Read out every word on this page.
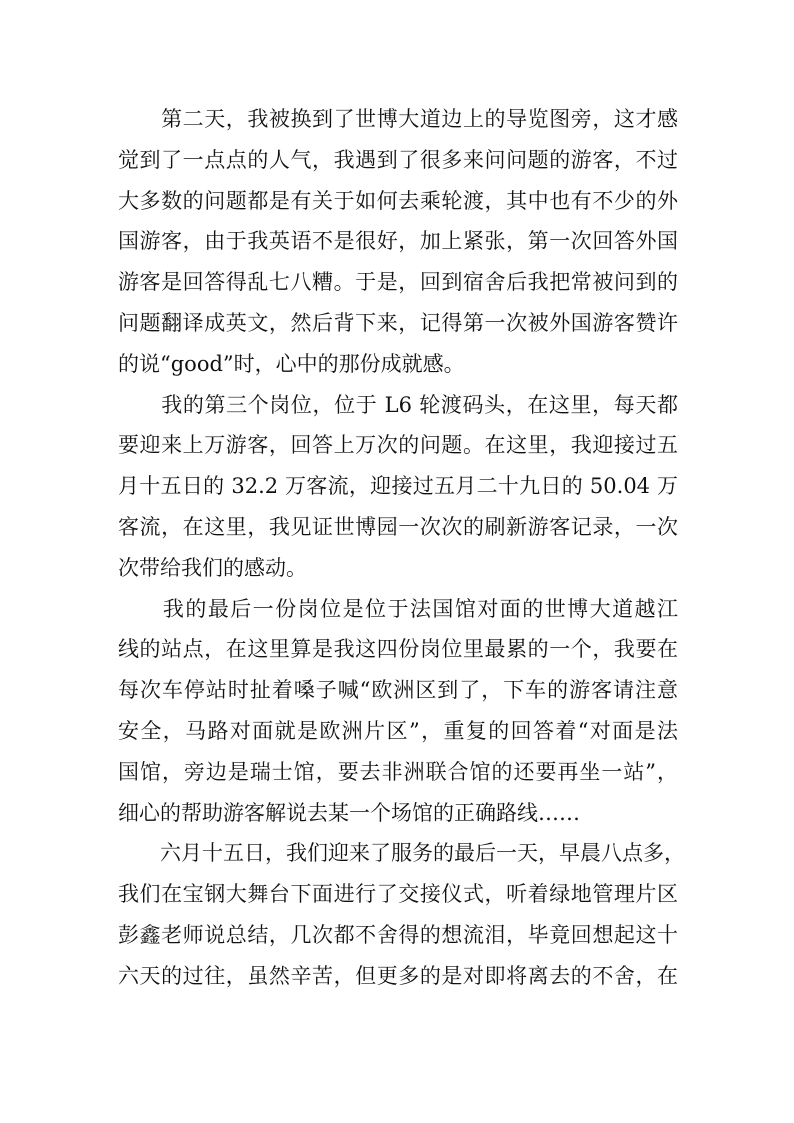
　　第二天，我被换到了世博大道边上的导览图旁，这才感
觉到了一点点的人气，我遇到了很多来问问题的游客，不过
大多数的问题都是有关于如何去乘轮渡，其中也有不少的外
国游客，由于我英语不是很好，加上紧张，第一次回答外国
游客是回答得乱七八糟。于是，回到宿舍后我把常被问到的
问题翻译成英文，然后背下来，记得第一次被外国游客赞许
的说“good”时，心中的那份成就感。
　　我的第三个岗位，位于 L6 轮渡码头，在这里，每天都
要迎来上万游客，回答上万次的问题。在这里，我迎接过五
月十五日的 32.2 万客流，迎接过五月二十九日的 50.04 万
客流，在这里，我见证世博园一次次的刷新游客记录，一次
次带给我们的感动。
　　我的最后一份岗位是位于法国馆对面的世博大道越江
线的站点，在这里算是我这四份岗位里最累的一个，我要在
每次车停站时扯着嗓子喊“欧洲区到了，下车的游客请注意
安全，马路对面就是欧洲片区”，重复的回答着“对面是法
国馆，旁边是瑞士馆，要去非洲联合馆的还要再坐一站”，
细心的帮助游客解说去某一个场馆的正确路线……
　　六月十五日，我们迎来了服务的最后一天，早晨八点多，
我们在宝钢大舞台下面进行了交接仪式，听着绿地管理片区
彭鑫老师说总结，几次都不舍得的想流泪，毕竟回想起这十
六天的过往，虽然辛苦，但更多的是对即将离去的不舍，在
